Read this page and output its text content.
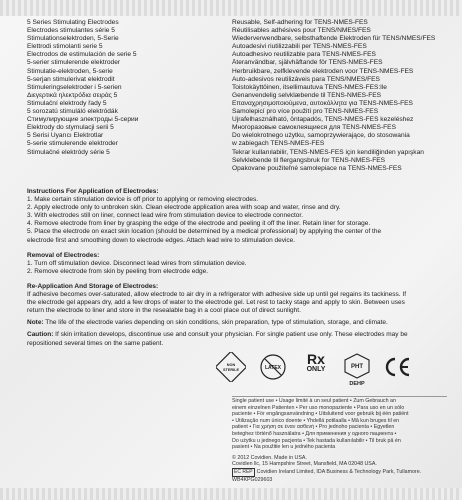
5 Series Stimulating Electrodes
Electrodes stimulantes série 5
Stimulationselektroden, 5-Serie
Elettrodi stimolanti serie 5
Electrodos de estimulación de serie 5
5-serier stimulerende elektroder
Stimulatie-elektroden, 5-serie
5-serjan stimulerivat elektrodit
Stimuleringselektroder i 5-serien
Διεγερτικά ηλεκτρόδια σειράς 5
Stimulační elektrody řady 5
5 sorozatú stimuláló elektródák
Стимулирующие электроды 5-серии
Elektrody do stymulacji serii 5
5 Serisi Uyarıcı Elektrotlar
5-serie stimulerende elektroder
Stimulačné elektródy série 5
Reusable, Self-adhering for TENS-NMES-FES
Réutilisables adhésives pour TENS/NMES/FES
Wiederverwendbare, selbsthaftende Elektroden für TENS/NMES/FES
Autoadesivi riutilizzabili per TENS-NMES-FES
Autoadhesivo reutilizable para TENS-NMES-FES
Återanvändbar, självhäftande för TENS-NMES-FES
Herbruikbare, zelfklevende elektroden voor TENS-NMES-FES
Auto-adesivos reutilizáveis para TENS/NMES/FES
Toistokäyttöinen, itsellimautuva TENS-NMES-FES:lle
Genanvendelig selvklæbende til TENS-NMES-FES
Επαναχρησιμοποιούμενα, αυτοκόλλητα για TENS-NMES-FES
Samolepicí pro více použití pro TENS-NMES-FES
Újrafelhasználható, öntapadós, TENS-NMES-FES kezeléshez
Многоразовые самоклеящиеся для TENS-NMES-FES
Do wielokrotnego użytku, samoprzywierające, do stosowania
w zabiegach TENS-NMES-FES
Tekrar kullanılabilir, TENS-NMES-FES için kendiliğinden yapışkan
Selvklebende til flergangsbruk for TENS-NMES-FES
Opakovane použiteľné samolepiace na TENS-NMES-FES

Instructions For Application of Electrodes:

1. Make certain stimulation device is off prior to applying or removing electrodes.
2. Apply electrode only to unbroken skin. Clean electrode application area with soap and water, rinse and dry.
3. With electrodes still on liner, connect lead wire from stimulation device to electrode connector.
4. Remove electrode from liner by grasping the edge of the electrode and peeling it off the liner. Retain liner for storage.
5. Place the electrode on exact skin location (should be determined by a medical professional) by applying the center of the
electrode first and smoothing down to electrode edges. Attach lead wire to stimulation device.

Removal of Electrodes:

1. Turn off stimulation device. Disconnect lead wires from stimulation device.
2. Remove electrode from skin by peeling from electrode edge.

Re-Application And Storage of Electrodes:

If adhesive becomes over-saturated, allow electrode to air dry in a refrigerator with adhesive side up until gel regains its tackiness. If
the electrode gel appears dry, add a few drops of water to the electrode gel. Let rest to tacky stage and apply to skin. Between uses
return the electrode to liner and store in the resealable bag in a cool place out of direct sunlight.

Note: The life of the electrode varies depending on skin conditions, skin preparation, type of stimulation, storage, and climate.

Caution: If skin irritation develops, discontinue use and consult your physician. For single patient use only. These electrodes may be

repositioned several times on the same patient.

NON
STERILE	LATEX
Rx
ONLY	PHT
DEHP
Single patient use • Usage limité à un seul patient • Zum Gebrauch an
einem einzelnen Patienten • Per uso monopaziente • Para uso en un sólo
paciente • För engångsanvändning • Uitsluitend voor gebruik bij één patiënt
• Utilização num único doente • Yhdellä potilaalla • Må kun bruges til en
patient • Για χρήση σε έναν ασθενή • Pro jednoho pacienta • Egyetlen
beteghez történő használatra • Для применения у одного пациента •
Do użytku u jednego pacjenta • Tek hastada kullanılabilir • Til bruk på én
pasient • Na použitie len u jedného pacienta
© 2012 Covidien. Made in USA.
Covidien llc, 15 Hampshire Street, Mansfield, MA 02048 USA.
EC REP Covidien Ireland Limited, IDA Business & Technology Park, Tullamore.
WB4KPG029603
